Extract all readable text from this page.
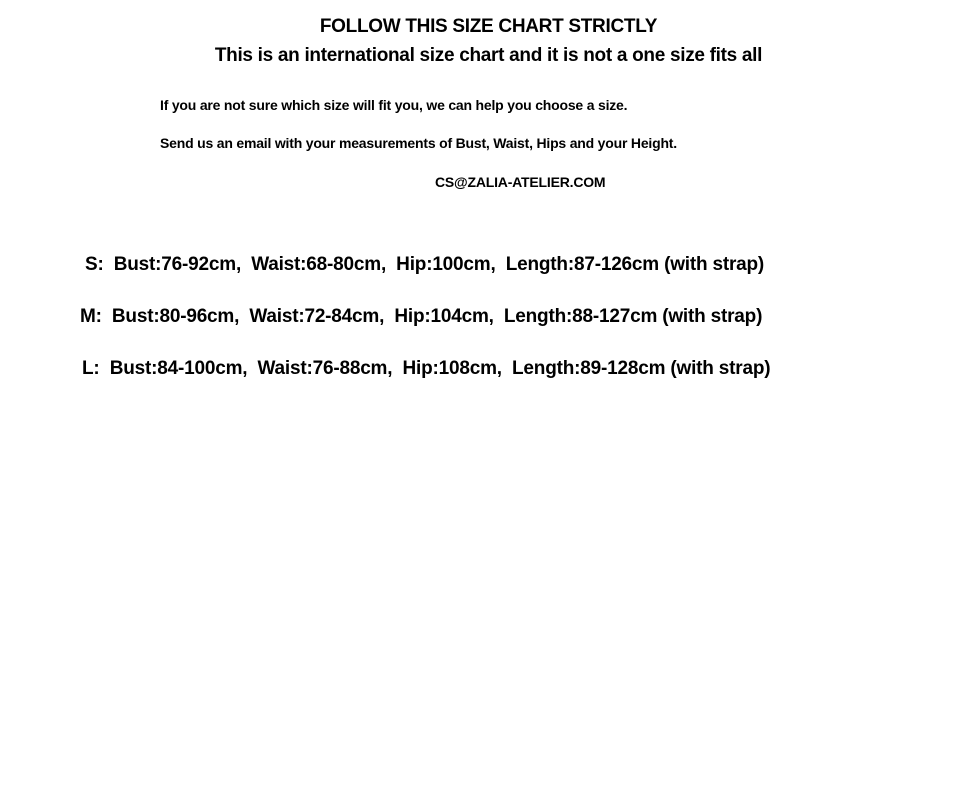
FOLLOW THIS SIZE CHART STRICTLY
This is an international size chart and it is not a one size fits all
If you are not sure which size will fit you, we can help you choose a size.
Send us an email with your measurements of Bust, Waist, Hips and your Height.
CS@ZALIA-ATELIER.COM
S:  Bust:76-92cm,  Waist:68-80cm,  Hip:100cm,  Length:87-126cm (with strap)
M:  Bust:80-96cm,  Waist:72-84cm,  Hip:104cm,  Length:88-127cm (with strap)
L:  Bust:84-100cm,  Waist:76-88cm,  Hip:108cm,  Length:89-128cm (with strap)
